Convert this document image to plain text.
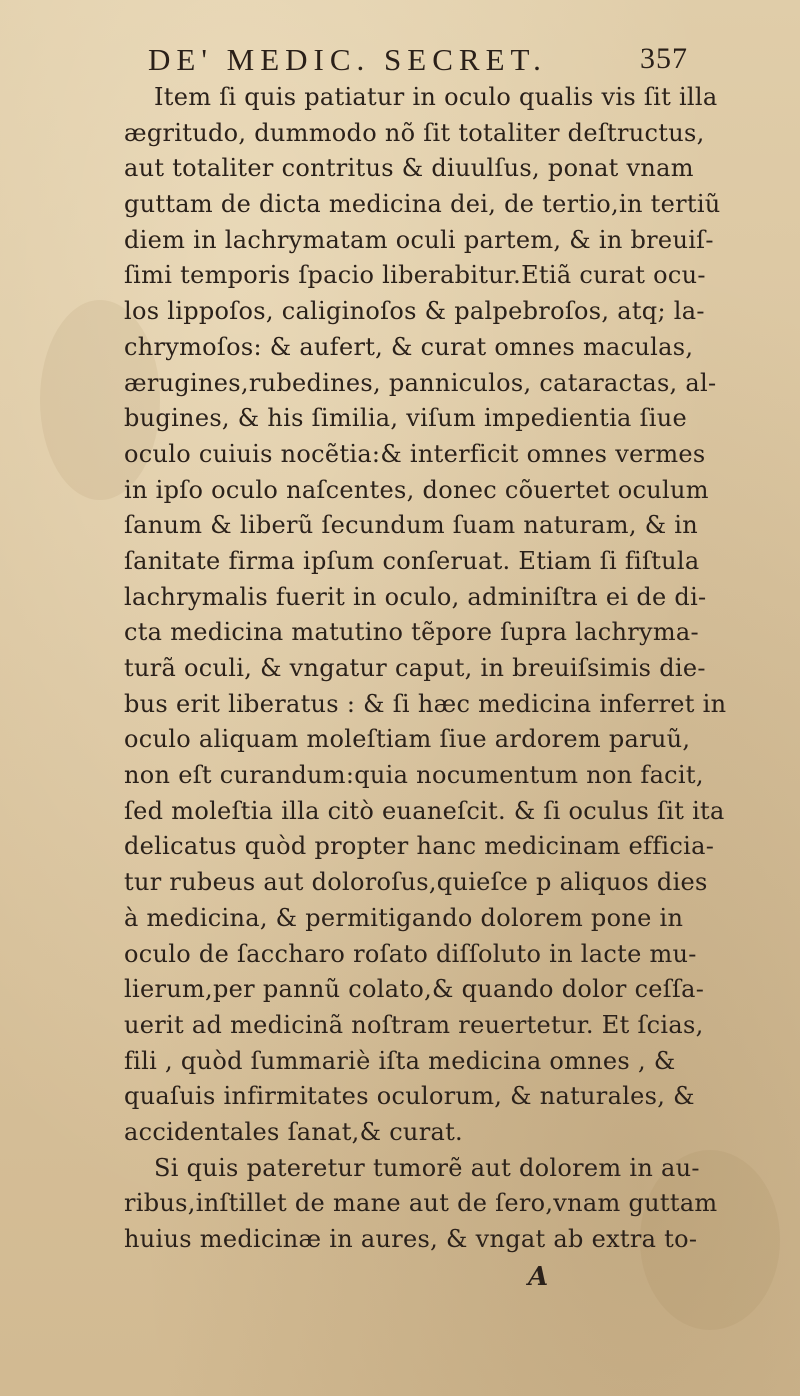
DE' MEDIC. SECRET.	357
Item ſi quis patiatur in oculo qualis vis ſit illa
ægritudo, dummodo nõ ſit totaliter deſtructus,
aut totaliter contritus & diuulſus, ponat vnam
guttam de dicta medicina dei, de tertio,in tertiũ
diem in lachrymatam oculi partem, & in breuiſ-
ſimi temporis ſpacio liberabitur.Etiã curat ocu-
los lippoſos, caliginoſos & palpebroſos, atq; la-
chrymoſos: & aufert, & curat omnes maculas,
ærugines,rubedines, panniculos, cataractas, al-
bugines, & his ſimilia, viſum impedientia ſiue
oculo cuiuis nocẽtia:& interficit omnes vermes
in ipſo oculo naſcentes, donec cõuertet oculum
ſanum & liberũ ſecundum ſuam naturam, & in
ſanitate firma ipſum conſeruat. Etiam ſi fiſtula
lachrymalis fuerit in oculo, adminiſtra ei de di-
cta medicina matutino tẽpore ſupra lachryma-
turã oculi, & vngatur caput, in breuiſsimis die-
bus erit liberatus : & ſi hæc medicina inferret in
oculo aliquam moleſtiam ſiue ardorem paruũ,
non eſt curandum:quia nocumentum non facit,
ſed moleſtia illa citò euaneſcit. & ſi oculus ſit ita
delicatus quòd propter hanc medicinam efficia-
tur rubeus aut doloroſus,quieſce p aliquos dies
à medicina, & permitigando dolorem pone in
oculo de ſaccharo roſato diſſoluto in lacte mu-
lierum,per pannũ colato,& quando dolor ceſſa-
uerit ad medicinã noſtram reuertetur. Et ſcias,
fili , quòd ſummariè iſta medicina omnes , &
quaſuis infirmitates oculorum, & naturales, &
accidentales ſanat,& curat.
Si quis pateretur tumorẽ aut dolorem in au-
ribus,inſtillet de mane aut de ſero,vnam guttam
huius medicinæ in aures, & vngat ab extra to-
A
